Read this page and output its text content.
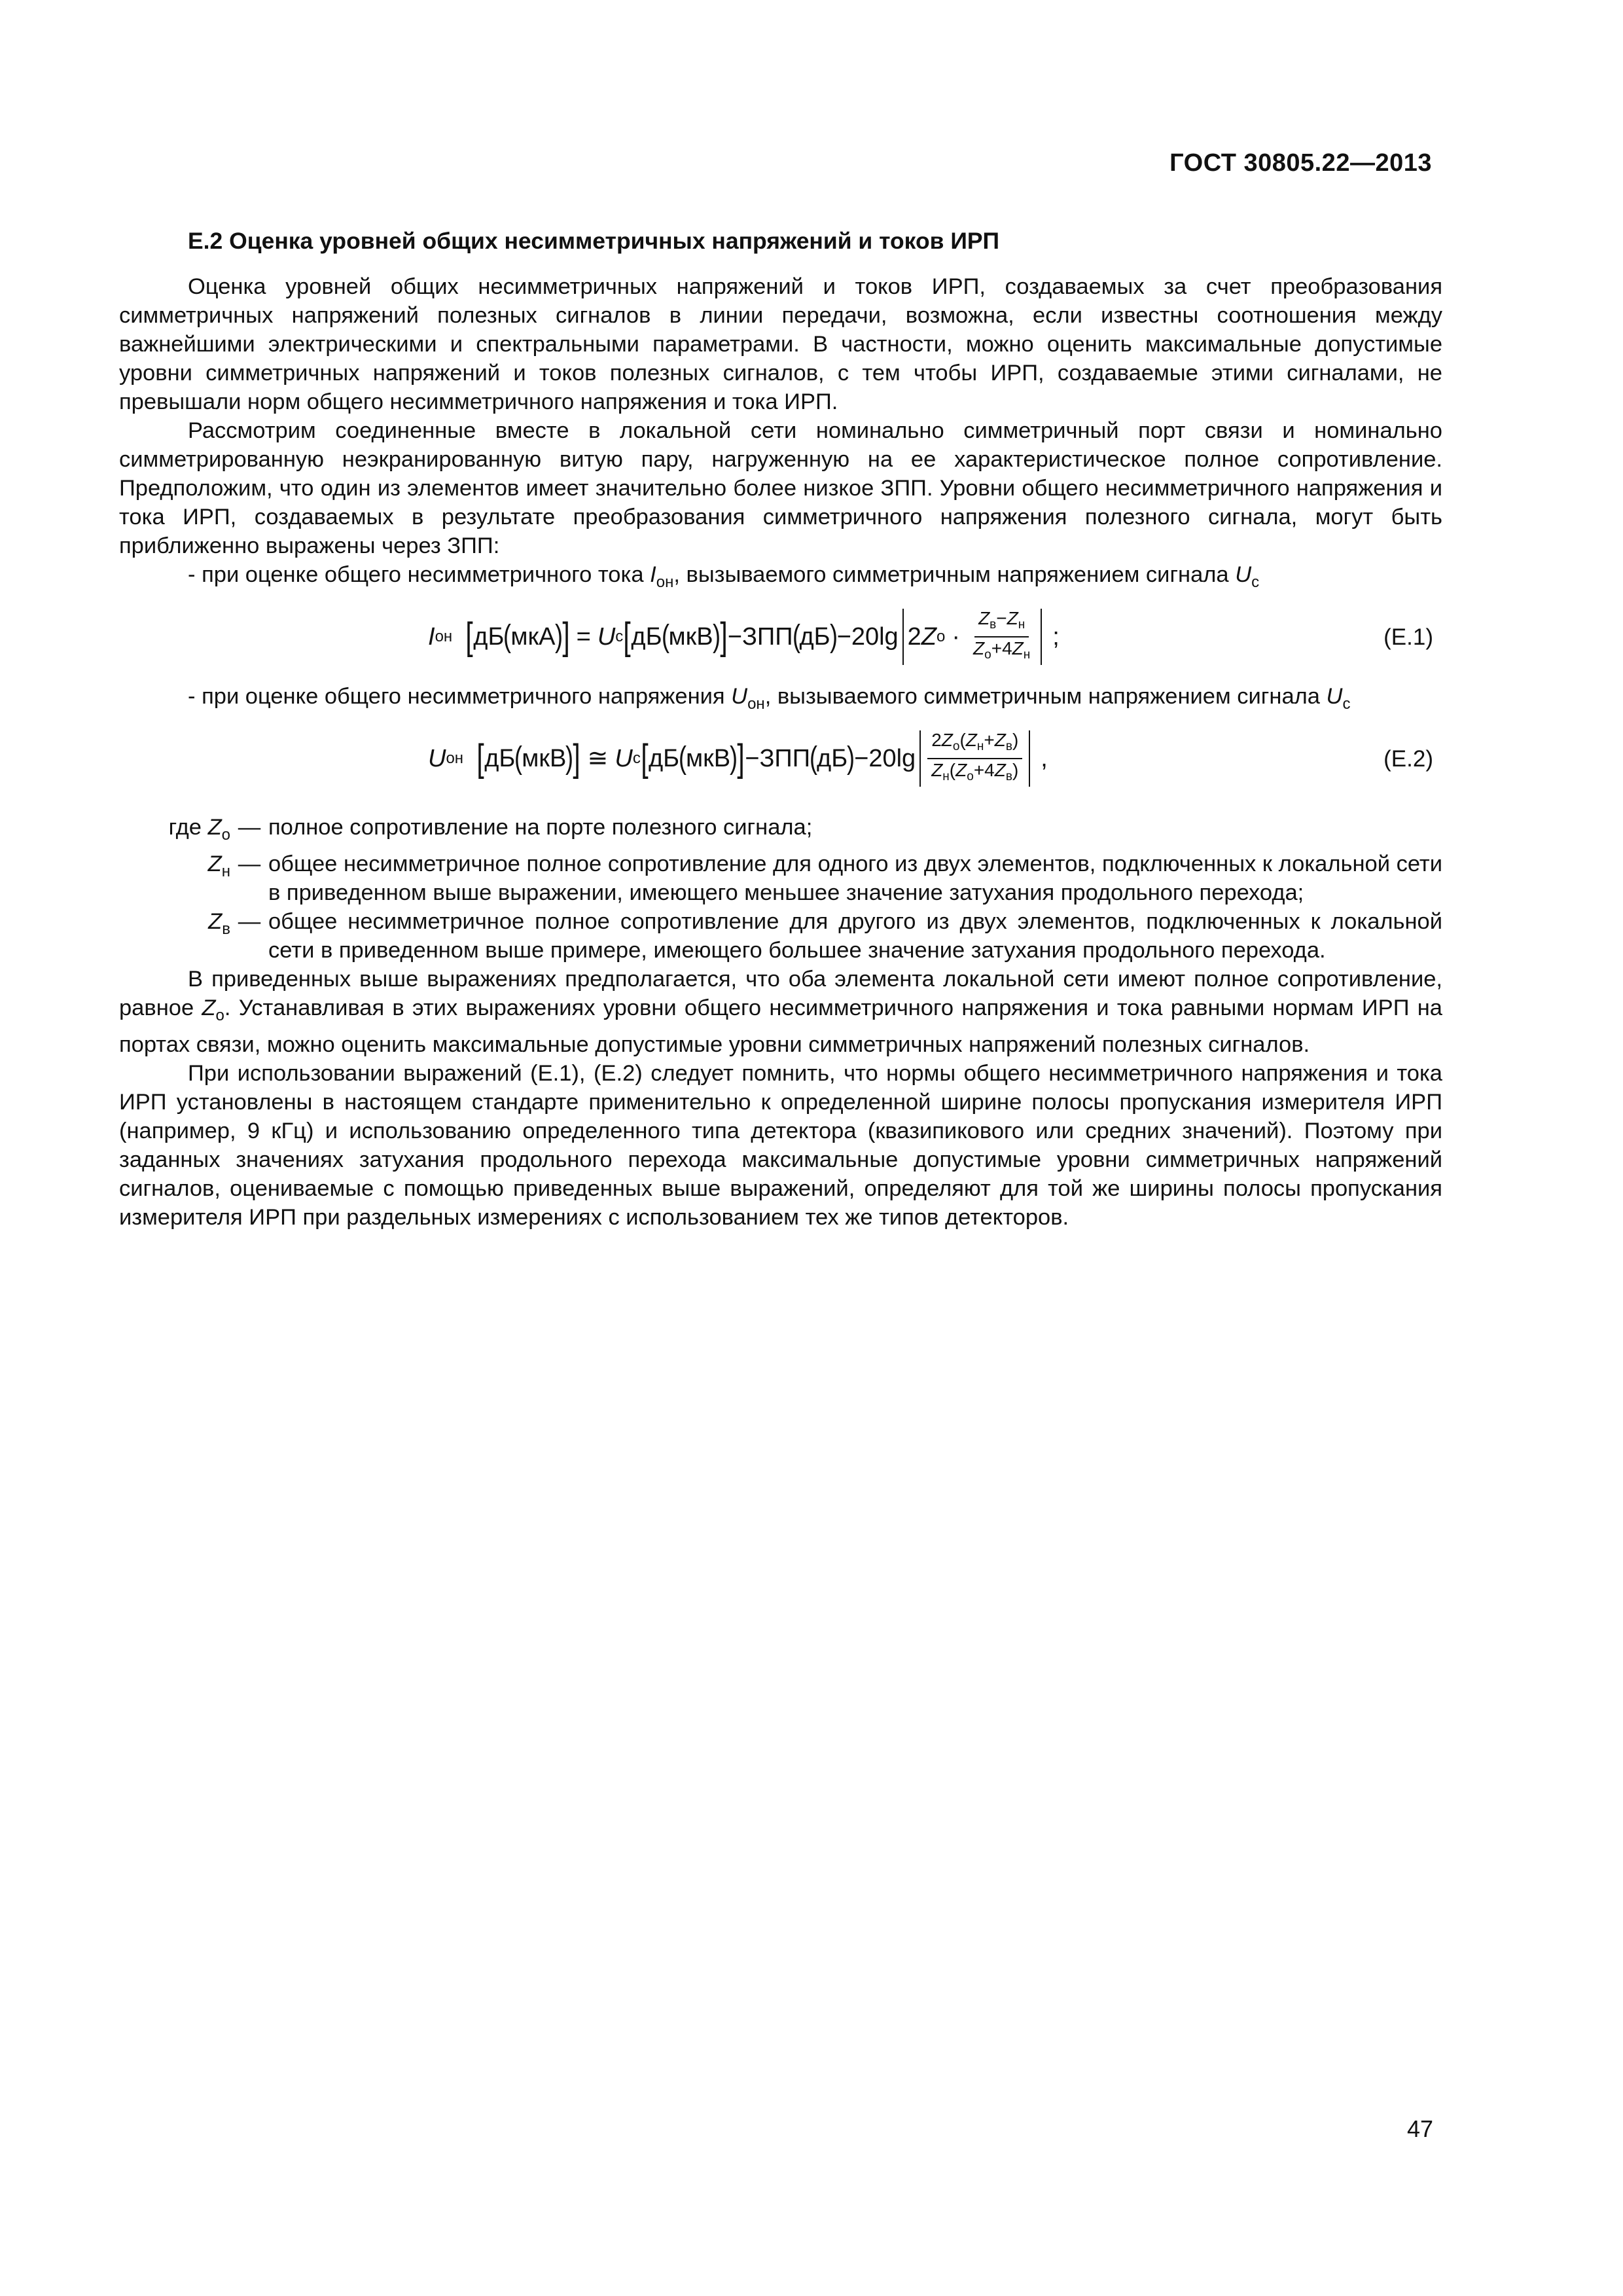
ГОСТ 30805.22—2013

Е.2 Оценка уровней общих несимметричных напряжений и токов ИРП

Оценка уровней общих несимметричных напряжений и токов ИРП, создаваемых за счет преобразования симметричных напряжений полезных сигналов в линии передачи, возможна, если известны соотношения между важнейшими электрическими и спектральными параметрами. В частности, можно оценить максимальные допустимые уровни симметричных напряжений и токов полезных сигналов, с тем чтобы ИРП, создаваемые этими сигналами, не превышали норм общего несимметричного напряжения и тока ИРП.

Рассмотрим соединенные вместе в локальной сети номинально симметричный порт связи и номинально симметрированную неэкранированную витую пару, нагруженную на ее характеристическое полное сопротивление. Предположим, что один из элементов имеет значительно более низкое ЗПП. Уровни общего несимметричного напряжения и тока ИРП, создаваемых в результате преобразования симметричного напряжения полезного сигнала, могут быть приближенно выражены через ЗПП:

- при оценке общего несимметричного тока $I_{он}$, вызываемого симметричным напряжением сигнала $U_c$

I он [ дБ
(
мкА
) ] = U c [ дБ
(
мкВ
) ] − ЗПП
(
дБ
)
− 20lg 2 Z $o \cdot \frac{Z_в-Z_н}{Z_o+4Z_н}$ ;	(Е.1)

- при оценке общего несимметричного напряжения $U_{он}$, вызываемого симметричным напряжением сигнала $U_c$

U он [ дБ
(
мкВ
) ] ≅ U c [ дБ
(
мкВ
) ] − ЗПП
(
дБ
)
− $20\lg \frac{2Z_o(Z_н+Z_в)}{Z_н(Z_o+4Z_в)}$ ,	(Е.2)
где $Z_о$ — полное сопротивление на порте полезного сигнала;
$Z_н$ — общее несимметричное полное сопротивление для одного из двух элементов, подключенных к локальной сети в приведенном выше выражении, имеющего меньшее значение затухания продольного перехода;
$Z_в$ — общее несимметричное полное сопротивление для другого из двух элементов, подключенных к локальной сети в приведенном выше примере, имеющего большее значение затухания продольного перехода.

В приведенных выше выражениях предполагается, что оба элемента локальной сети имеют полное сопротивление, равное $Z_o$. Устанавливая в этих выражениях уровни общего несимметричного напряжения и тока равными нормам ИРП на портах связи, можно оценить максимальные допустимые уровни симметричных напряжений полезных сигналов.

При использовании выражений (Е.1), (Е.2) следует помнить, что нормы общего несимметричного напряжения и тока ИРП установлены в настоящем стандарте применительно к определенной ширине полосы пропускания измерителя ИРП (например, 9 кГц) и использованию определенного типа детектора (квазипикового или средних значений). Поэтому при заданных значениях затухания продольного перехода максимальные допустимые уровни симметричных напряжений сигналов, оцениваемые с помощью приведенных выше выражений, определяют для той же ширины полосы пропускания измерителя ИРП при раздельных измерениях с использованием тех же типов детекторов.

47
